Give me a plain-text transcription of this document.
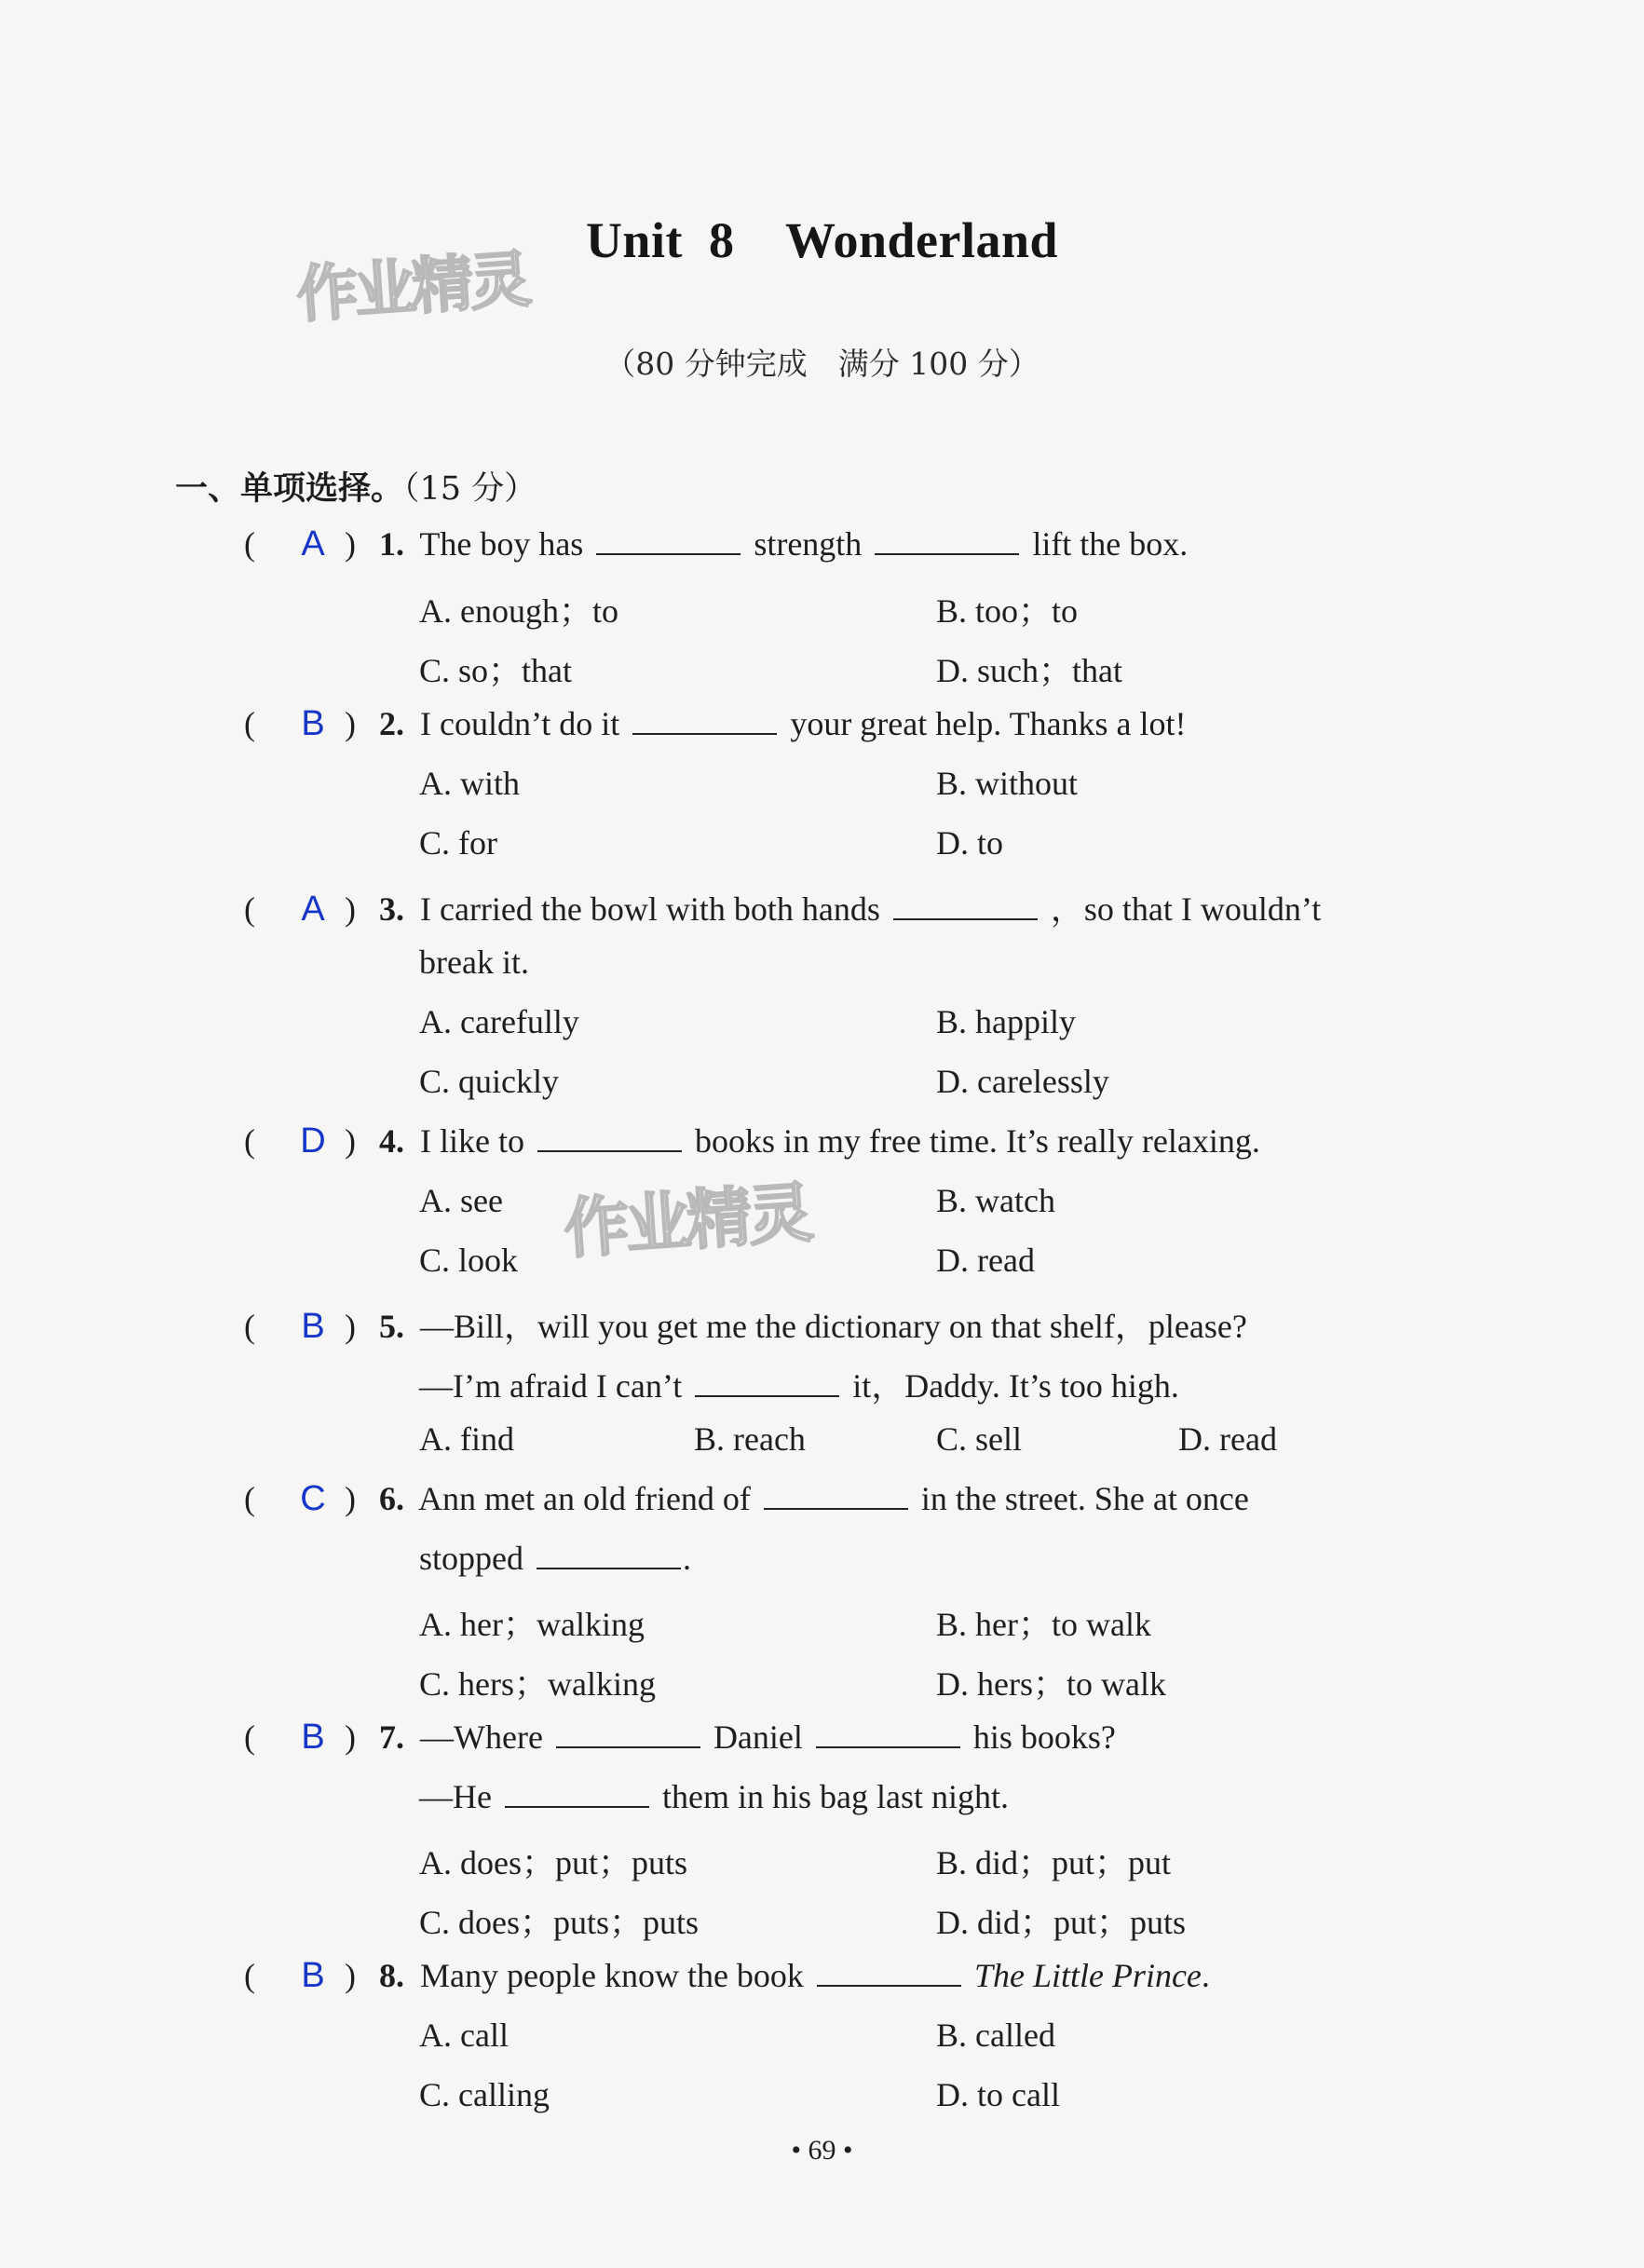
作业精灵
作业精灵
Unit 8　Wonderland
（80 分钟完成　满分 100 分）
一、单项选择。（15 分）
( A ) 1. The boy has	strength	lift the box.
A. enough；to	B. too；to
C. so；that	D. such；that
( B ) 2. I couldn’t do it	your great help. Thanks a lot!
A. with	B. without
C. for	D. to
( A ) 3. I carried the bowl with both hands	，so that I wouldn’t
break it.
A. carefully	B. happily
C. quickly	D. carelessly
( D ) 4. I like to	books in my free time. It’s really relaxing.
A. see	B. watch
C. look	D. read
( B ) 5. —Bill，will you get me the dictionary on that shelf，please?
—I’m afraid I can’t	it，Daddy. It’s too high.
A. find	B. reach	C. sell	D. read
( C ) 6. Ann met an old friend of	in the street. She at once
stopped	.
A. her；walking	B. her；to walk
C. hers；walking	D. hers；to walk
( B ) 7. —Where	Daniel	his books?
—He	them in his bag last night.
A. does；put；puts	B. did；put；put
C. does；puts；puts	D. did；put；puts
( B ) 8. Many people know the book	The Little Prince.
A. call	B. called
C. calling	D. to call
• 69 •
